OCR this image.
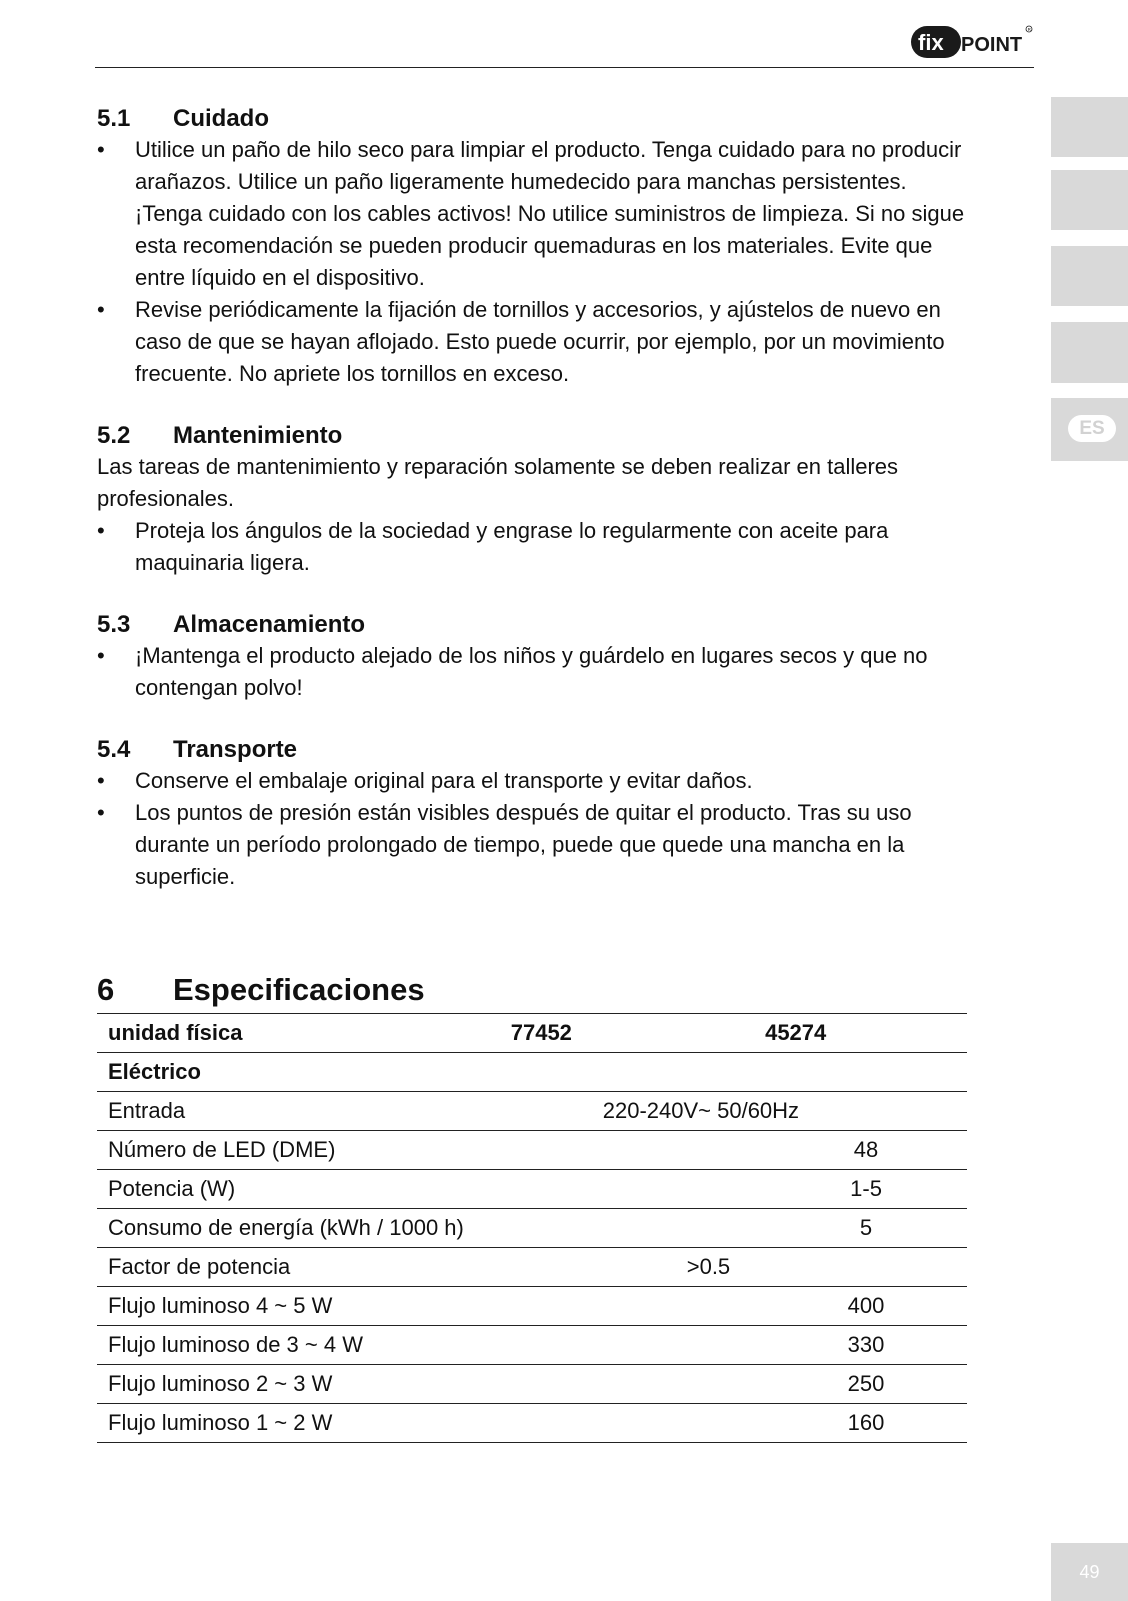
fix POINT
R
ES
5.1	Cuidado
• Utilice un paño de hilo seco para limpiar el producto. Tenga cuidado para no producir arañazos. Utilice un paño ligeramente humedecido para manchas persistentes. ¡Tenga cuidado con los cables activos! No utilice suministros de limpieza. Si no sigue esta recomendación se pueden producir quemaduras en los materiales. Evite que entre líquido en el dispositivo.
• Revise periódicamente la fijación de tornillos y accesorios, y ajústelos de nuevo en caso de que se hayan aflojado. Esto puede ocurrir, por ejemplo, por un movimiento frecuente. No apriete los tornillos en exceso.
5.2	Mantenimiento

Las tareas de mantenimiento y reparación solamente se deben realizar en talleres profesionales.

• Proteja los ángulos de la sociedad y engrase lo regularmente con aceite para maquinaria ligera.
5.3	Almacenamiento
• ¡Mantenga el producto alejado de los niños y guárdelo en lugares secos y que no contengan polvo!
5.4	Transporte
• Conserve el embalaje original para el transporte y evitar daños.
• Los puntos de presión están visibles después de quitar el producto. Tras su uso durante un período prolongado de tiempo, puede que quede una mancha en la superficie.
6	Especificaciones
unidad física	77452	45274
Eléctrico		
Entrada	220-240V~ 50/60Hz	
Número de LED (DME)		48
Potencia (W)		1-5
Consumo de energía (kWh / 1000 h)		5
Factor de potencia	>0.5	
Flujo luminoso 4 ~ 5 W		400
Flujo luminoso de 3 ~ 4 W		330
Flujo luminoso 2 ~ 3 W		250
Flujo luminoso 1 ~ 2 W		160
49
